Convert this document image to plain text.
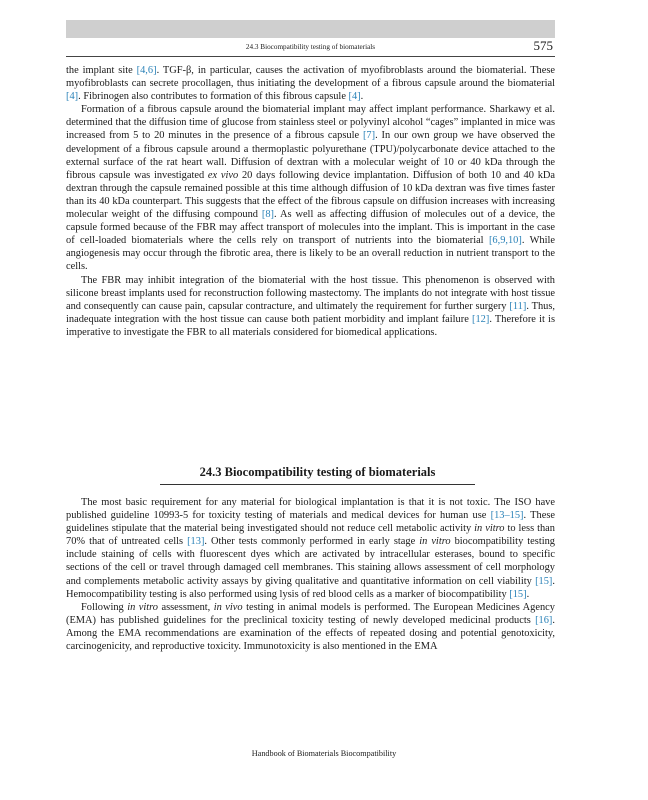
24.3 Biocompatibility testing of biomaterials	575

the implant site [4,6]. TGF-β, in particular, causes the activation of myofibroblasts around the biomaterial. These myofibroblasts can secrete procollagen, thus initiating the development of a fibrous capsule around the biomaterial [4]. Fibrinogen also contributes to formation of this fibrous capsule [4].

Formation of a fibrous capsule around the biomaterial implant may affect implant performance. Sharkawy et al. determined that the diffusion time of glucose from stainless steel or polyvinyl alcohol “cages” implanted in mice was increased from 5 to 20 minutes in the presence of a fibrous capsule [7]. In our own group we have observed the development of a fibrous capsule around a thermoplastic polyurethane (TPU)/polycarbonate device attached to the external surface of the rat heart wall. Diffusion of dextran with a molecular weight of 10 or 40 kDa through the fibrous capsule was investigated ex vivo 20 days following device implantation. Diffusion of both 10 and 40 kDa dextran through the capsule remained possible at this time although diffusion of 10 kDa dextran was five times faster than its 40 kDa counterpart. This suggests that the effect of the fibrous capsule on diffusion increases with increasing molecular weight of the diffusing compound [8]. As well as affecting diffusion of molecules out of a device, the capsule formed because of the FBR may affect transport of molecules into the implant. This is important in the case of cell-loaded biomaterials where the cells rely on transport of nutrients into the biomaterial [6,9,10]. While angiogenesis may occur through the fibrotic area, there is likely to be an overall reduction in nutrient transport to the cells.

The FBR may inhibit integration of the biomaterial with the host tissue. This phenomenon is observed with silicone breast implants used for reconstruction following mastectomy. The implants do not integrate with host tissue and consequently can cause pain, capsular contracture, and ultimately the requirement for further surgery [11]. Thus, inadequate integration with the host tissue can cause both patient morbidity and implant failure [12]. Therefore it is imperative to investigate the FBR to all materials considered for biomedical applications.

24.3 Biocompatibility testing of biomaterials

The most basic requirement for any material for biological implantation is that it is not toxic. The ISO have published guideline 10993-5 for toxicity testing of materials and medical devices for human use [13–15]. These guidelines stipulate that the material being investigated should not reduce cell metabolic activity in vitro to less than 70% that of untreated cells [13]. Other tests commonly performed in early stage in vitro biocompatibility testing include staining of cells with fluorescent dyes which are activated by intracellular esterases, bound to specific sections of the cell or travel through damaged cell membranes. This staining allows assessment of cell morphology and complements metabolic activity assays by giving qualitative and quantitative information on cell viability [15]. Hemocompatibility testing is also performed using lysis of red blood cells as a marker of biocompatibility [15].

Following in vitro assessment, in vivo testing in animal models is performed. The European Medicines Agency (EMA) has published guidelines for the preclinical toxicity testing of newly developed medicinal products [16]. Among the EMA recommendations are examination of the effects of repeated dosing and potential genotoxicity, carcinogenicity, and reproductive toxicity. Immunotoxicity is also mentioned in the EMA

Handbook of Biomaterials Biocompatibility
